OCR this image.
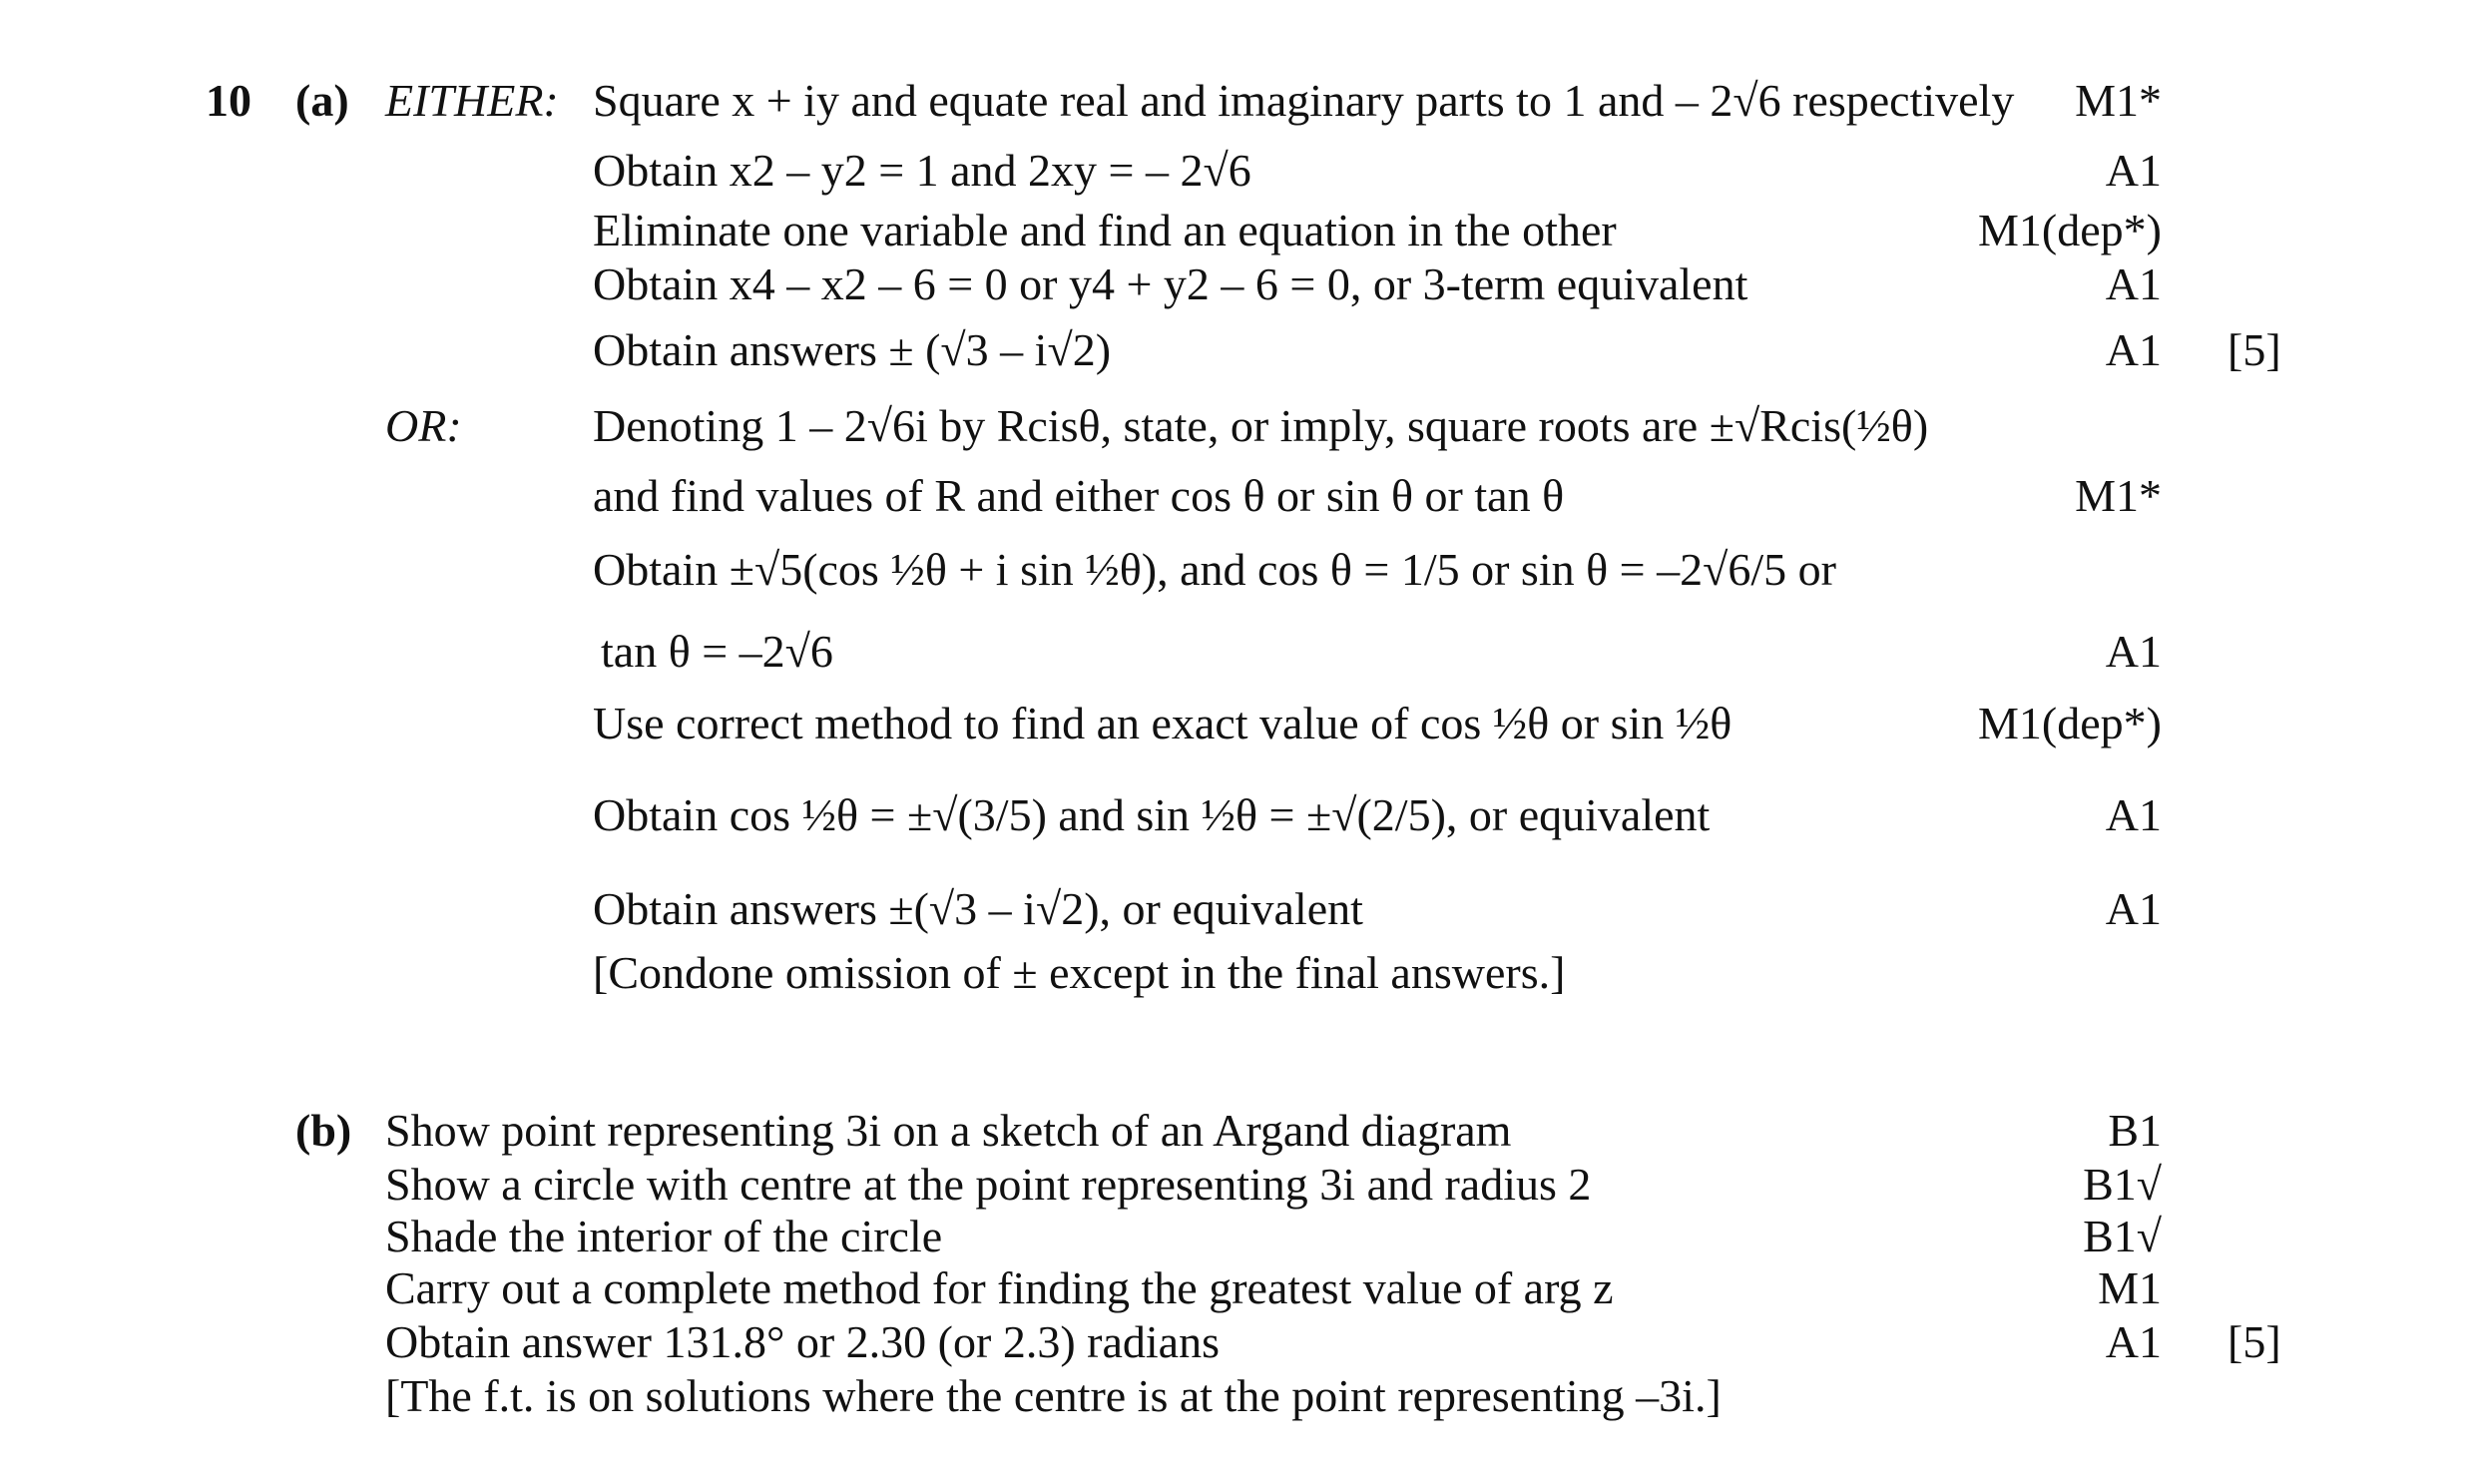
10 (a) EITHER: Square x + iy and equate real and imaginary parts to 1 and – 2√6 respectively
Obtain x2 – y2 = 1 and 2xy = – 2√6
Eliminate one variable and find an equation in the other
Obtain x4 – x2 – 6 = 0 or y4 + y2 – 6 = 0, or 3-term equivalent
Obtain answers ± (√3 – i√2)
M1*
A1
M1(dep*)
A1
A1 [5]
OR:	Denoting 1 – 2√6i by Rcisθ, state, or imply, square roots are ±√Rcis(½θ)
and find values of R and either cos θ or sin θ or tan θ
Obtain ±√5(cos ½θ + i sin ½θ), and cos θ = 1/5 or sin θ = –2√6/5 or
tan θ = –2√6
Use correct method to find an exact value of cos ½θ or sin ½θ
Obtain cos ½θ = ±√(3/5) and sin ½θ = ±√(2/5), or equivalent
Obtain answers ±(√3 – i√2), or equivalent
[Condone omission of ± except in the final answers.]
M1*
A1
M1(dep*)
A1
A1
(b) Show point representing 3i on a sketch of an Argand diagram
Show a circle with centre at the point representing 3i and radius 2
Shade the interior of the circle
Carry out a complete method for finding the greatest value of arg z
Obtain answer 131.8° or 2.30 (or 2.3) radians
[The f.t. is on solutions where the centre is at the point representing –3i.]
B1
B1√
B1√
M1
A1 [5]
